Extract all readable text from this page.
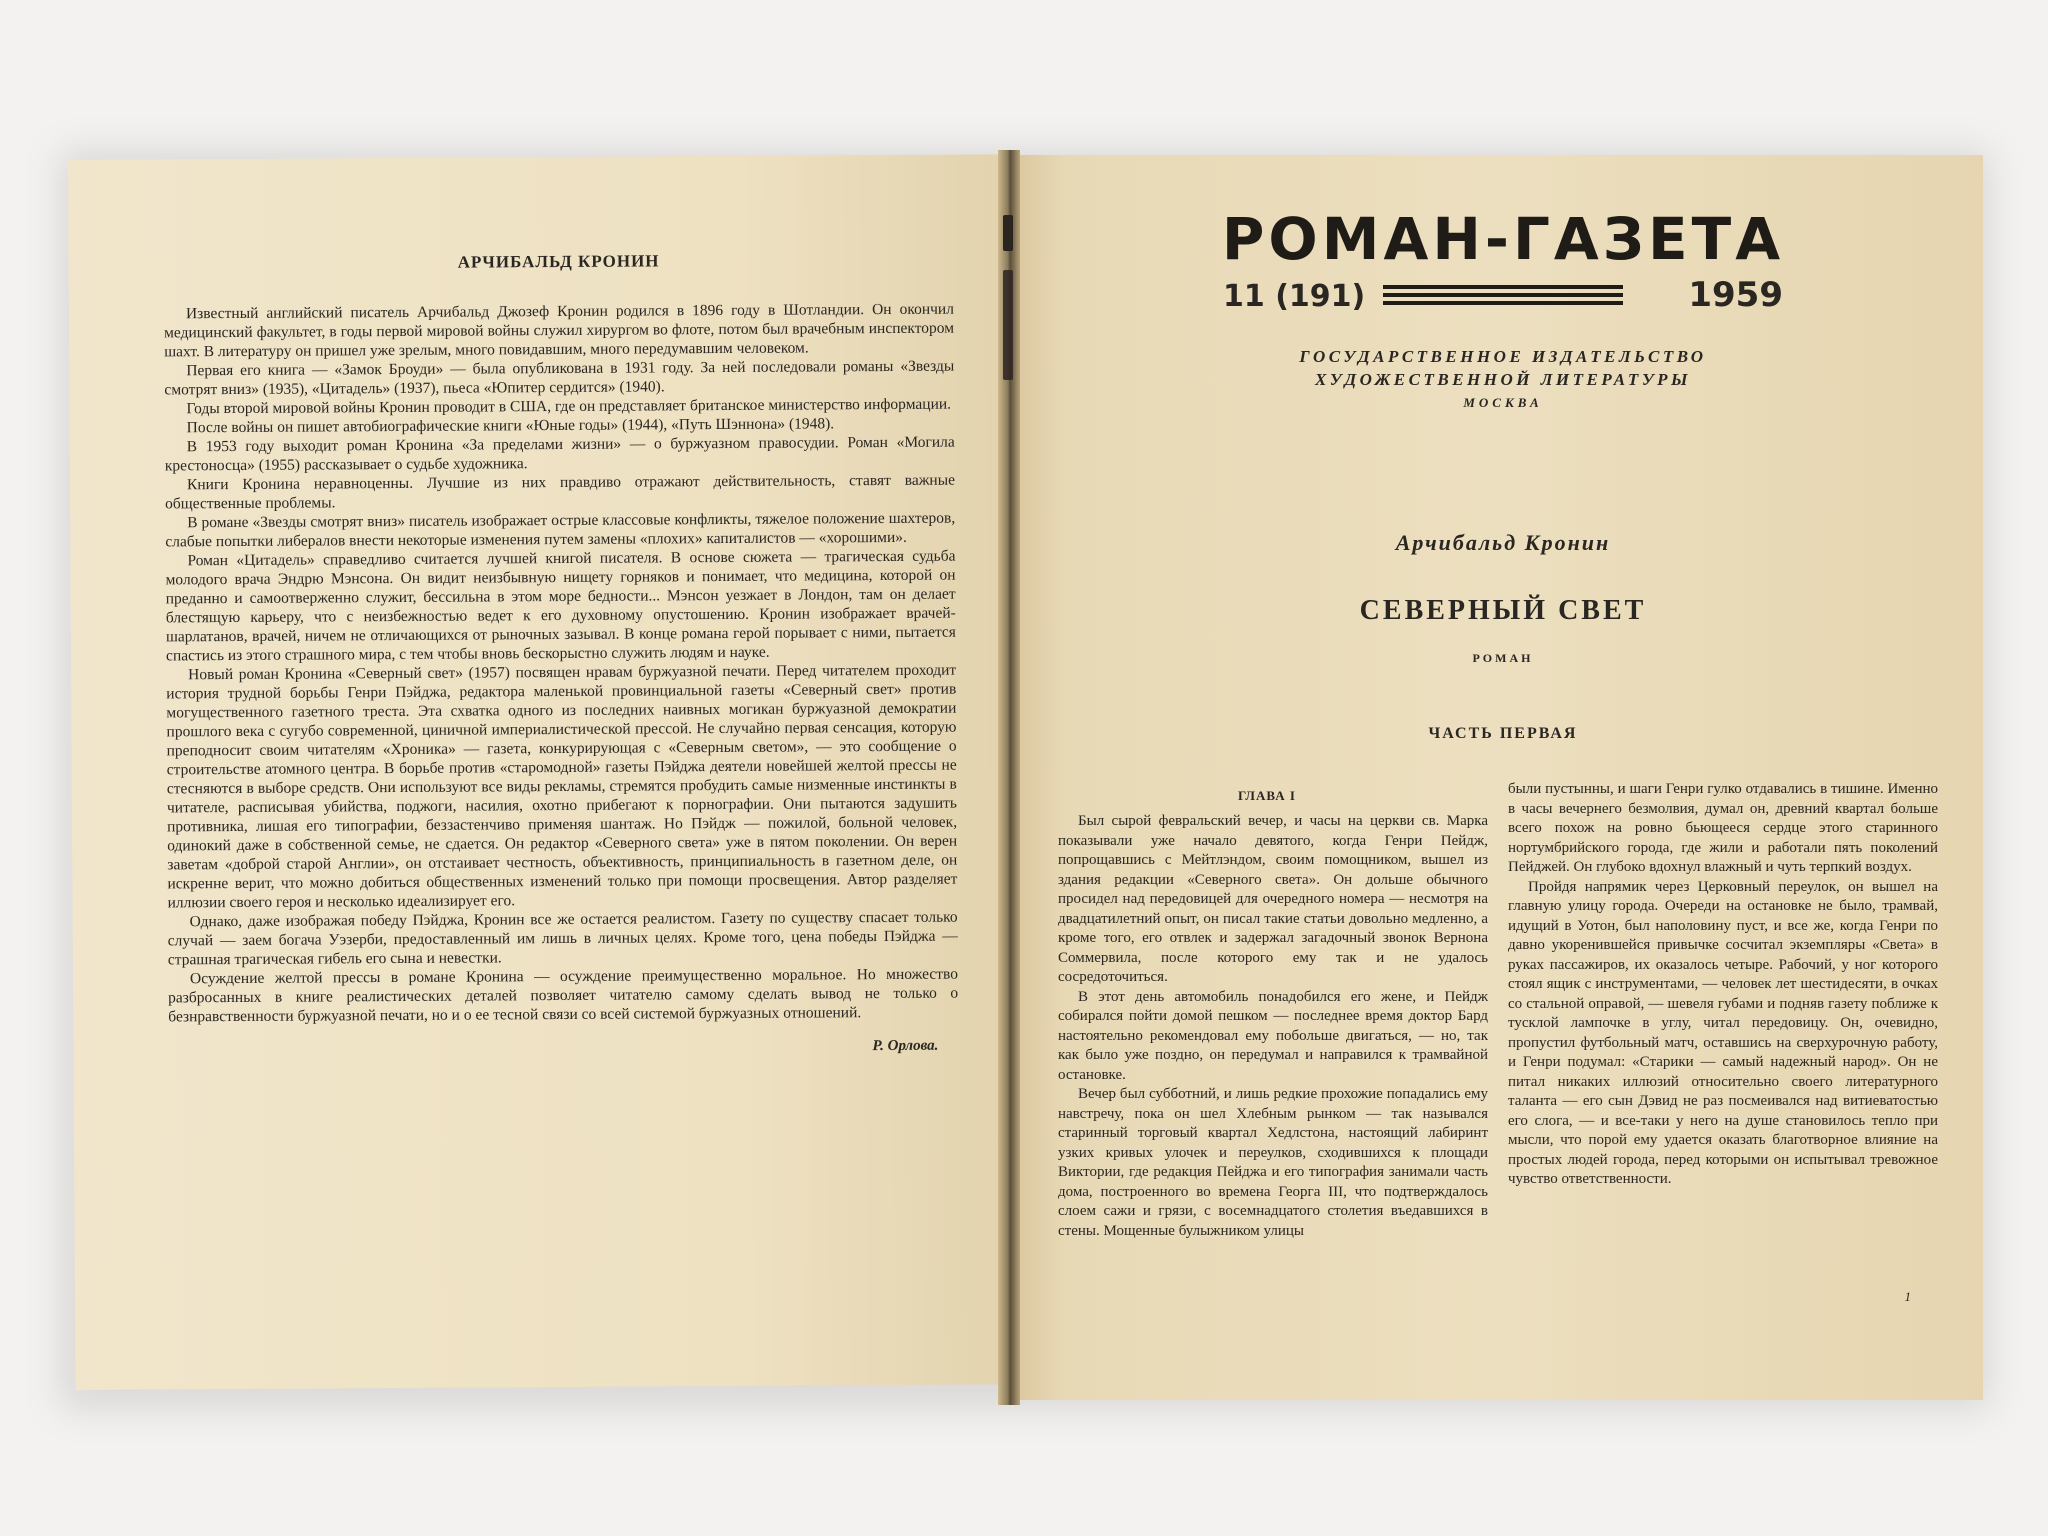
АРЧИБАЛЬД КРОНИН

Известный английский писатель Арчибальд Джозеф Кронин родился в 1896 году в Шотландии. Он окончил медицинский факультет, в годы первой мировой войны служил хирургом во флоте, потом был врачебным инспектором шахт. В литературу он пришел уже зрелым, много повидавшим, много передумавшим человеком.

Первая его книга — «Замок Броуди» — была опубликована в 1931 году. За ней последовали романы «Звезды смотрят вниз» (1935), «Цитадель» (1937), пьеса «Юпитер сердится» (1940).

Годы второй мировой войны Кронин проводит в США, где он представляет британское министерство информации.

После войны он пишет автобиографические книги «Юные годы» (1944), «Путь Шэннона» (1948).

В 1953 году выходит роман Кронина «За пределами жизни» — о буржуазном правосудии. Роман «Могила крестоносца» (1955) рассказывает о судьбе художника.

Книги Кронина неравноценны. Лучшие из них правдиво отражают действительность, ставят важные общественные проблемы.

В романе «Звезды смотрят вниз» писатель изображает острые классовые конфликты, тяжелое положение шахтеров, слабые попытки либералов внести некоторые изменения путем замены «плохих» капиталистов — «хорошими».

Роман «Цитадель» справедливо считается лучшей книгой писателя. В основе сюжета — трагическая судьба молодого врача Эндрю Мэнсона. Он видит неизбывную нищету горняков и понимает, что медицина, которой он преданно и самоотверженно служит, бессильна в этом море бедности... Мэнсон уезжает в Лондон, там он делает блестящую карьеру, что с неизбежностью ведет к его духовному опустошению. Кронин изображает врачей-шарлатанов, врачей, ничем не отличающихся от рыночных зазывал. В конце романа герой порывает с ними, пытается спастись из этого страшного мира, с тем чтобы вновь бескорыстно служить людям и науке.

Новый роман Кронина «Северный свет» (1957) посвящен нравам буржуазной печати. Перед читателем проходит история трудной борьбы Генри Пэйджа, редактора маленькой провинциальной газеты «Северный свет» против могущественного газетного треста. Эта схватка одного из последних наивных могикан буржуазной демократии прошлого века с сугубо современной, циничной империалистической прессой. Не случайно первая сенсация, которую преподносит своим читателям «Хроника» — газета, конкурирующая с «Северным светом», — это сообщение о строительстве атомного центра. В борьбе против «старомодной» газеты Пэйджа деятели новейшей желтой прессы не стесняются в выборе средств. Они используют все виды рекламы, стремятся пробудить самые низменные инстинкты в читателе, расписывая убийства, поджоги, насилия, охотно прибегают к порнографии. Они пытаются задушить противника, лишая его типографии, беззастенчиво применяя шантаж. Но Пэйдж — пожилой, больной человек, одинокий даже в собственной семье, не сдается. Он редактор «Северного света» уже в пятом поколении. Он верен заветам «доброй старой Англии», он отстаивает честность, объективность, принципиальность в газетном деле, он искренне верит, что можно добиться общественных изменений только при помощи просвещения. Автор разделяет иллюзии своего героя и несколько идеализирует его.

Однако, даже изображая победу Пэйджа, Кронин все же остается реалистом. Газету по существу спасает только случай — заем богача Уэзерби, предоставленный им лишь в личных целях. Кроме того, цена победы Пэйджа — страшная трагическая гибель его сына и невестки.

Осуждение желтой прессы в романе Кронина — осуждение преимущественно моральное. Но множество разбросанных в книге реалистических деталей позволяет читателю самому сделать вывод не только о безнравственности буржуазной печати, но и о ее тесной связи со всей системой буржуазных отношений.

Р. Орлова.
РОМАН-ГАЗЕТА
11 (191)	1959
ГОСУДАРСТВЕННОЕ ИЗДАТЕЛЬСТВО
ХУДОЖЕСТВЕННОЙ ЛИТЕРАТУРЫ
МОСКВА
Арчибальд Кронин
СЕВЕРНЫЙ СВЕТ
РОМАН
ЧАСТЬ ПЕРВАЯ
ГЛАВА I

Был сырой февральский вечер, и часы на церкви св. Марка показывали уже начало девятого, когда Генри Пейдж, попрощавшись с Мейтлэндом, своим помощником, вышел из здания редакции «Северного света». Он дольше обычного просидел над передовицей для очередного номера — несмотря на двадцатилетний опыт, он писал такие статьи довольно медленно, а кроме того, его отвлек и задержал загадочный звонок Вернона Соммервила, после которого ему так и не удалось сосредоточиться.

В этот день автомобиль понадобился его жене, и Пейдж собирался пойти домой пешком — последнее время доктор Бард настоятельно рекомендовал ему побольше двигаться, — но, так как было уже поздно, он передумал и направился к трамвайной остановке.

Вечер был субботний, и лишь редкие прохожие попадались ему навстречу, пока он шел Хлебным рынком — так назывался старинный торговый квартал Хедлстона, настоящий лабиринт узких кривых улочек и переулков, сходившихся к площади Виктории, где редакция Пейджа и его типография занимали часть дома, построенного во времена Георга III, что подтверждалось слоем сажи и грязи, с восемнадцатого столетия въедавшихся в стены. Мощенные булыжником улицы

были пустынны, и шаги Генри гулко отдавались в тишине. Именно в часы вечернего безмолвия, думал он, древний квартал больше всего похож на ровно бьющееся сердце этого старинного нортумбрийского города, где жили и работали пять поколений Пейджей. Он глубоко вдохнул влажный и чуть терпкий воздух.

Пройдя напрямик через Церковный переулок, он вышел на главную улицу города. Очереди на остановке не было, трамвай, идущий в Уотон, был наполовину пуст, и все же, когда Генри по давно укоренившейся привычке сосчитал экземпляры «Света» в руках пассажиров, их оказалось четыре. Рабочий, у ног которого стоял ящик с инструментами, — человек лет шестидесяти, в очках со стальной оправой, — шевеля губами и подняв газету поближе к тусклой лампочке в углу, читал передовицу. Он, очевидно, пропустил футбольный матч, оставшись на сверхурочную работу, и Генри подумал: «Старики — самый надежный народ». Он не питал никаких иллюзий относительно своего литературного таланта — его сын Дэвид не раз посмеивался над витиеватостью его слога, — и все-таки у него на душе становилось тепло при мысли, что порой ему удается оказать благотворное влияние на простых людей города, перед которыми он испытывал тревожное чувство ответственности.

1
